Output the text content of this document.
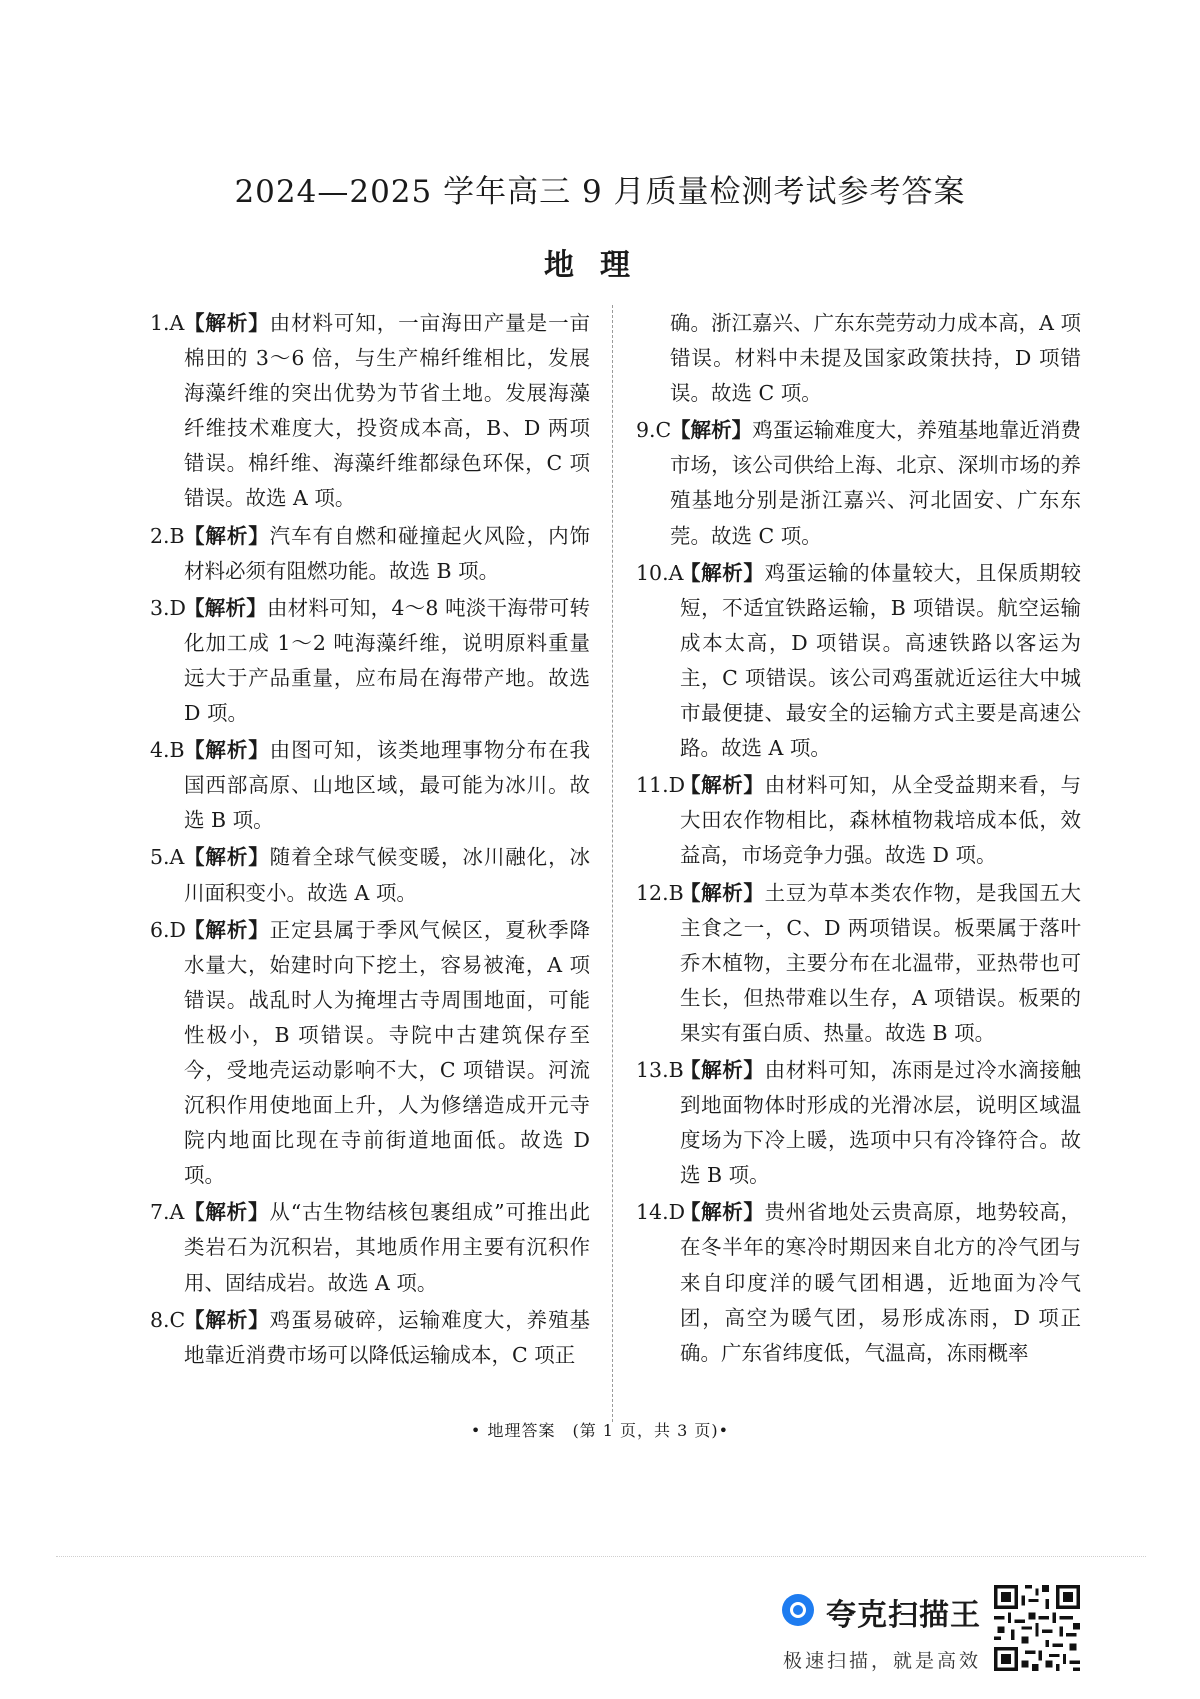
2024—2025 学年高三 9 月质量检测考试参考答案
地理

1.A 【解析】由材料可知，一亩海田产量是一亩棉田的 3～6 倍，与生产棉纤维相比，发展海藻纤维的突出优势为节省土地。发展海藻纤维技术难度大，投资成本高，B、D 两项错误。棉纤维、海藻纤维都绿色环保，C 项错误。故选 A 项。

2.B 【解析】汽车有自燃和碰撞起火风险，内饰材料必须有阻燃功能。故选 B 项。

3.D
【解析】由材料可知，4～8 吨淡干海带可转化加工成 1～2 吨海藻纤维，说明原料重量远大于产品重量，应布局在海带产地。故选 D 项。

4.B 【解析】由图可知，该类地理事物分布在我国西部高原、山地区域，最可能为冰川。故选 B 项。

5.A 【解析】随着全球气候变暖，冰川融化，冰川面积变小。故选 A 项。

6.D
【解析】正定县属于季风气候区，夏秋季降水量大，始建时向下挖土，容易被淹，A 项错误。战乱时人为掩埋古寺周围地面，可能性极小，B 项错误。寺院中古建筑保存至今，受地壳运动影响不大，C 项错误。河流沉积作用使地面上升，人为修缮造成开元寺院内地面比现在寺前街道地面低。故选 D 项。

7.A 【解析】从“古生物结核包裹组成”可推出此类岩石为沉积岩，其地质作用主要有沉积作用、固结成岩。故选 A 项。

8.C
【解析】鸡蛋易破碎，运输难度大，养殖基地靠近消费市场可以降低运输成本，C 项正

确。浙江嘉兴、广东东莞劳动力成本高，A 项错误。材料中未提及国家政策扶持，D 项错误。故选 C 项。

9.C
【解析】鸡蛋运输难度大，养殖基地靠近消费市场，该公司供给上海、北京、深圳市场的养殖基地分别是浙江嘉兴、河北固安、广东东莞。故选 C 项。

10.A
【解析】鸡蛋运输的体量较大，且保质期较短，不适宜铁路运输，B 项错误。航空运输成本太高，D 项错误。高速铁路以客运为主，C 项错误。该公司鸡蛋就近运往大中城市最便捷、最安全的运输方式主要是高速公路。故选 A 项。

11.D
【解析】由材料可知，从全受益期来看，与大田农作物相比，森林植物栽培成本低，效益高，市场竞争力强。故选 D 项。

12.B
【解析】土豆为草本类农作物，是我国五大主食之一，C、D 两项错误。板栗属于落叶乔木植物，主要分布在北温带，亚热带也可生长，但热带难以生存，A 项错误。板栗的果实有蛋白质、热量。故选 B 项。

13.B
【解析】由材料可知，冻雨是过冷水滴接触到地面物体时形成的光滑冰层，说明区域温度场为下冷上暖，选项中只有冷锋符合。故选 B 项。

14.D
【解析】贵州省地处云贵高原，地势较高，在冬半年的寒冷时期因来自北方的冷气团与来自印度洋的暖气团相遇，近地面为冷气团，高空为暖气团，易形成冻雨，D 项正确。广东省纬度低，气温高，冻雨概率

• 地理答案　(第 1 页，共 3 页)•
夸克扫描王
极速扫描，就是高效
